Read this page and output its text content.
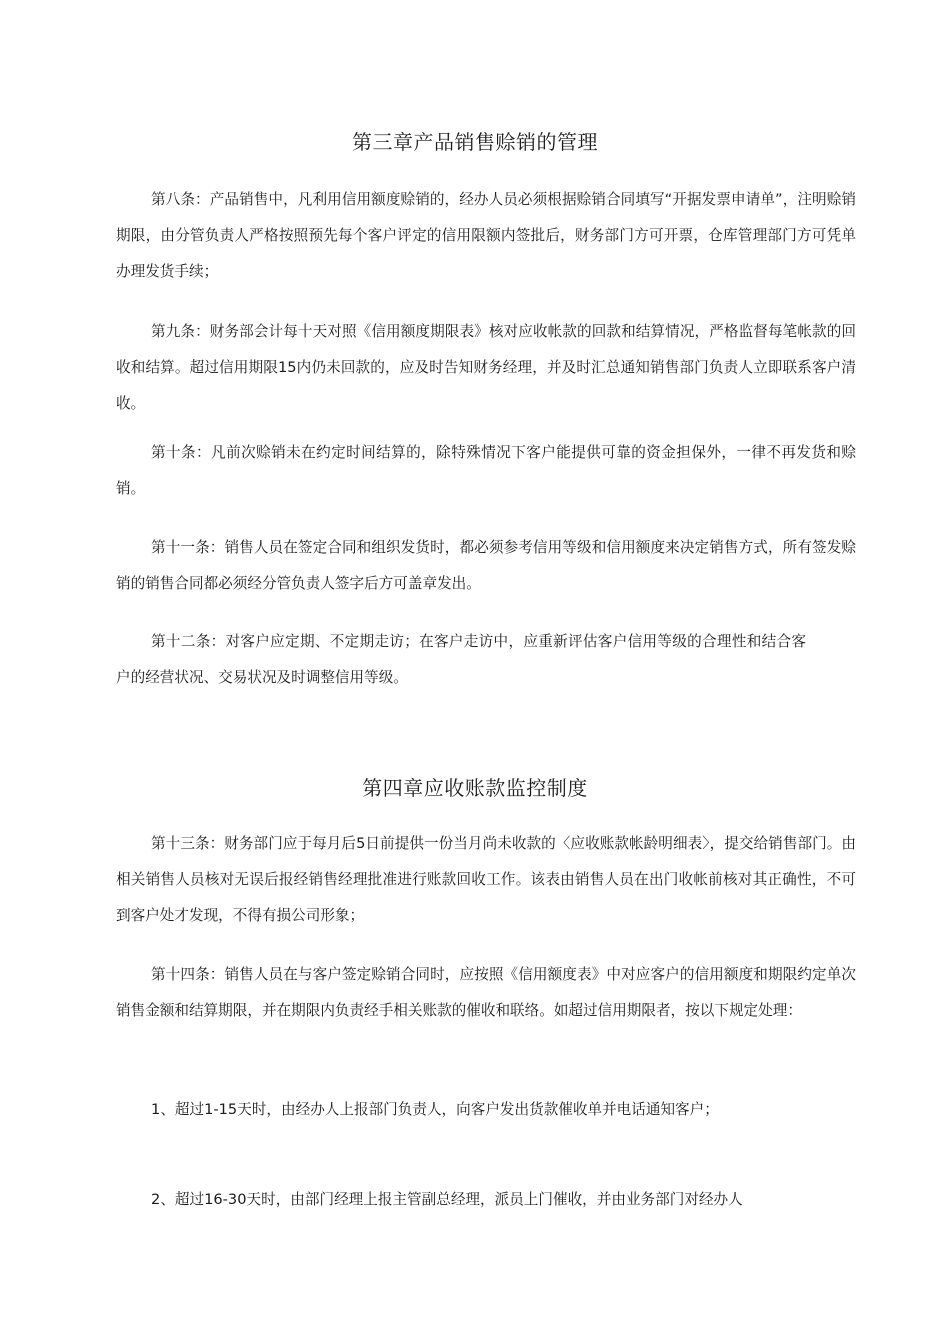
第三章产品销售赊销的管理

第八条：产品销售中，凡利用信用额度赊销的，经办人员必须根据赊销合同填写“开据发票申请单”，注明赊销期限，由分管负责人严格按照预先每个客户评定的信用限额内签批后，财务部门方可开票，仓库管理部门方可凭单办理发货手续；

第九条：财务部会计每十天对照《信用额度期限表》核对应收帐款的回款和结算情况，严格监督每笔帐款的回收和结算。超过信用期限15内仍未回款的，应及时告知财务经理，并及时汇总通知销售部门负责人立即联系客户清收。

第十条：凡前次赊销未在约定时间结算的，除特殊情况下客户能提供可靠的资金担保外，一律不再发货和赊销。

第十一条：销售人员在签定合同和组织发货时，都必须参考信用等级和信用额度来决定销售方式，所有签发赊销的销售合同都必须经分管负责人签字后方可盖章发出。

第十二条：对客户应定期、不定期走访；在客户走访中，应重新评估客户信用等级的合理性和结合客户的经营状况、交易状况及时调整信用等级。

第四章应收账款监控制度

第十三条：财务部门应于每月后5日前提供一份当月尚未收款的〈应收账款帐龄明细表〉，提交给销售部门。由相关销售人员核对无误后报经销售经理批准进行账款回收工作。该表由销售人员在出门收帐前核对其正确性，不可到客户处才发现，不得有损公司形象；

第十四条：销售人员在与客户签定赊销合同时，应按照《信用额度表》中对应客户的信用额度和期限约定单次销售金额和结算期限，并在期限内负责经手相关账款的催收和联络。如超过信用期限者，按以下规定处理：

1、超过1-15天时，由经办人上报部门负责人，向客户发出货款催收单并电话通知客户；

2、超过16-30天时，由部门经理上报主管副总经理，派员上门催收，并由业务部门对经办人
